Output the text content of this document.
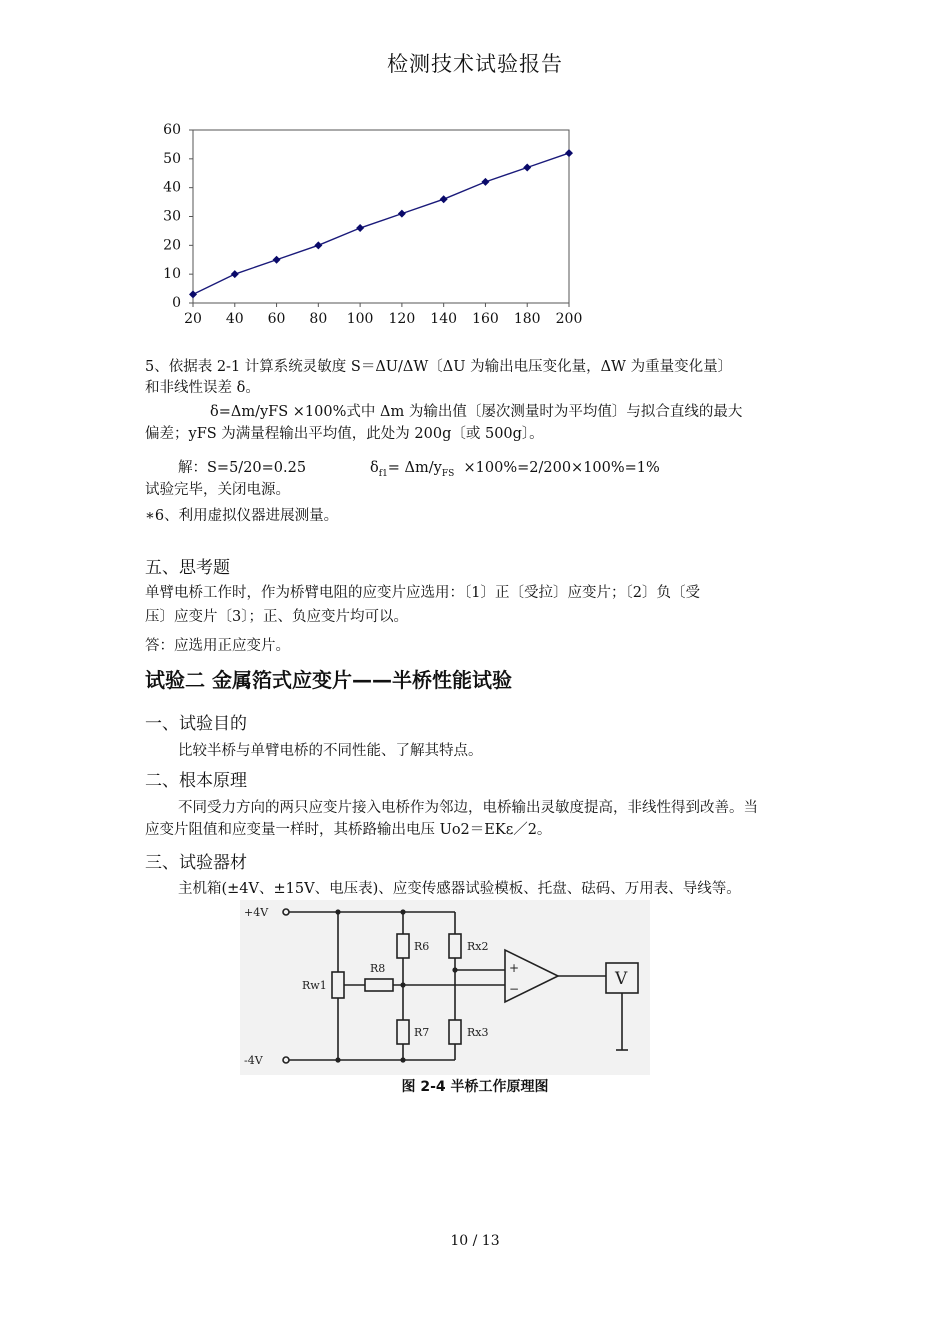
检测技术试验报告
0
10
20
30
40
50
60
20 40 60 80 100 120 140 160 180 200
5、依据表 2-1 计算系统灵敏度 S＝ΔU/ΔW〔ΔU 为输出电压变化量，ΔW 为重量变化量〕
和非线性误差 δ。
δ=Δm/yFS ×100%式中 Δm 为输出值〔屡次测量时为平均值〕与拟合直线的最大
偏差；yFS 为满量程输出平均值，此处为 200g〔或 500g〕。
解：S=5/20=0.25	$\delta_{f1}= \Delta m/y_{FS} \times 100\%=2/200\times 100\%=1\%$
试验完毕，关闭电源。
∗6、利用虚拟仪器进展测量。
五、思考题
单臂电桥工作时，作为桥臂电阻的应变片应选用：〔1〕正〔受拉〕应变片；〔2〕负〔受
压〕应变片〔3〕；正、负应变片均可以。
答：应选用正应变片。
试验二 金属箔式应变片——半桥性能试验
一、试验目的
比较半桥与单臂电桥的不同性能、了解其特点。
二、根本原理
不同受力方向的两只应变片接入电桥作为邻边，电桥输出灵敏度提高，非线性得到改善。当
应变片阻值和应变量一样时，其桥路输出电压 Uo2＝EKε／2。
三、试验器材
主机箱(±4V、±15V、电压表)、应变传感器试验模板、托盘、砝码、万用表、导线等。
+4V
-4V
Rw1
R8
R6
R7
Rx2
Rx3
+
−	V
图 2-4 半桥工作原理图
10 / 13
